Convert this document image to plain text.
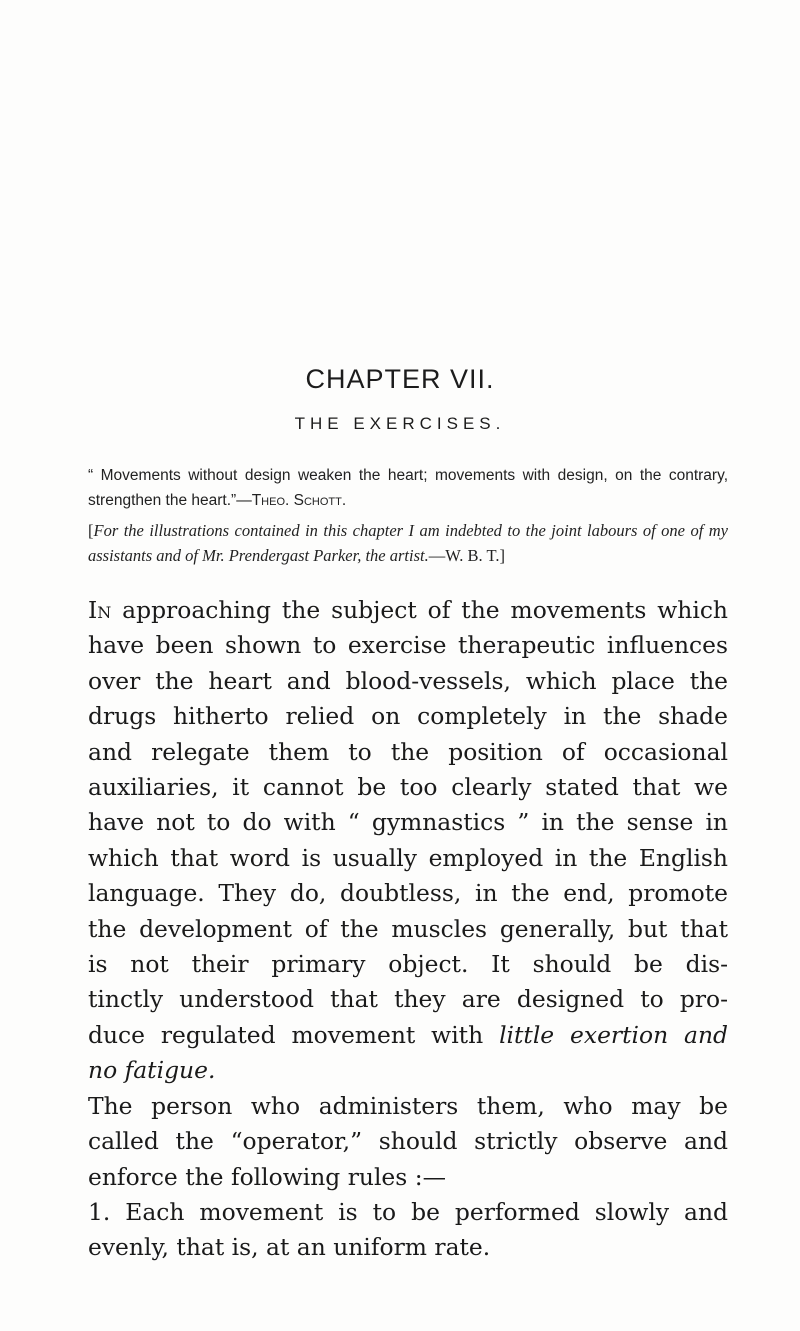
CHAPTER VII.
THE EXERCISES.
“ Movements without design weaken the heart; movements with design, on the contrary, strengthen the heart.”—Theo. Schott.
[For the illustrations contained in this chapter I am indebted to the joint labours of one of my assistants and of Mr. Prendergast Parker, the artist.—W. B. T.]

In approaching the subject of the movements which
have been shown to exercise therapeutic influences
over the heart and blood-vessels, which place the
drugs hitherto relied on completely in the shade
and relegate them to the position of occasional
auxiliaries, it cannot be too clearly stated that we
have not to do with “ gymnastics ” in the sense in
which that word is usually employed in the English
language. They do, doubtless, in the end, promote
the development of the muscles generally, but that
is not their primary object. It should be dis-
tinctly understood that they are designed to pro-
duce regulated movement with little exertion and
no fatigue.

The person who administers them, who may be
called the “operator,” should strictly observe and
enforce the following rules :—

1. Each movement is to be performed slowly and
evenly, that is, at an uniform rate.
